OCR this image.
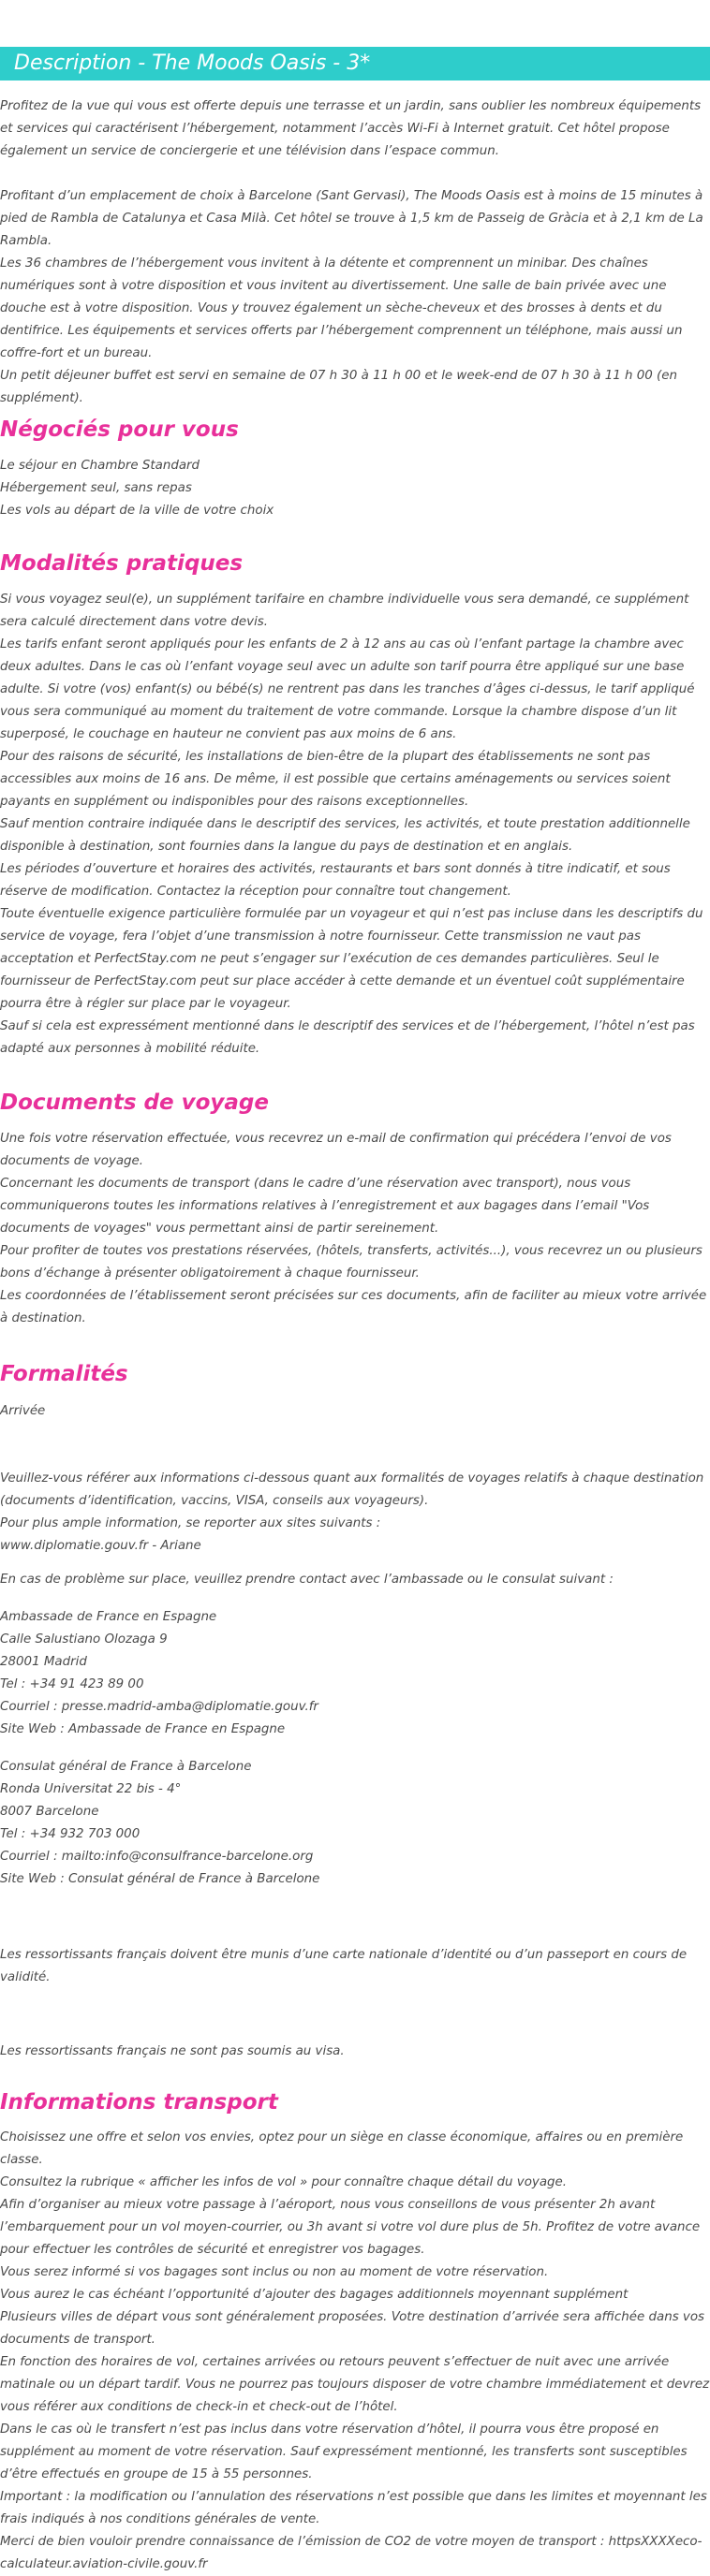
Description - The Moods Oasis - 3*

Profitez de la vue qui vous est offerte depuis une terrasse et un jardin, sans oublier les nombreux équipements et services qui caractérisent l’hébergement, notamment l’accès Wi-Fi à Internet gratuit. Cet hôtel propose également un service de conciergerie et une télévision dans l’espace commun.

Profitant d’un emplacement de choix à Barcelone (Sant Gervasi), The Moods Oasis est à moins de 15 minutes à pied de Rambla de Catalunya et Casa Milà. Cet hôtel se trouve à 1,5 km de Passeig de Gràcia et à 2,1 km de La Rambla.

Les 36 chambres de l’hébergement vous invitent à la détente et comprennent un minibar. Des chaînes numériques sont à votre disposition et vous invitent au divertissement. Une salle de bain privée avec une douche est à votre disposition. Vous y trouvez également un sèche-cheveux et des brosses à dents et du dentifrice. Les équipements et services offerts par l’hébergement comprennent un téléphone, mais aussi un coffre-fort et un bureau.

Un petit déjeuner buffet est servi en semaine de 07 h 30 à 11 h 00 et le week-end de 07 h 30 à 11 h 00 (en supplément).

Négociés pour vous
Le séjour en Chambre Standard
Hébergement seul, sans repas
Les vols au départ de la ville de votre choix
Modalités pratiques
Si vous voyagez seul(e), un supplément tarifaire en chambre individuelle vous sera demandé, ce supplément sera calculé directement dans votre devis.
Les tarifs enfant seront appliqués pour les enfants de 2 à 12 ans au cas où l’enfant partage la chambre avec deux adultes. Dans le cas où l’enfant voyage seul avec un adulte son tarif pourra être appliqué sur une base adulte. Si votre (vos) enfant(s) ou bébé(s) ne rentrent pas dans les tranches d’âges ci-dessus, le tarif appliqué vous sera communiqué au moment du traitement de votre commande. Lorsque la chambre dispose d’un lit superposé, le couchage en hauteur ne convient pas aux moins de 6 ans.
Pour des raisons de sécurité, les installations de bien-être de la plupart des établissements ne sont pas accessibles aux moins de 16 ans. De même, il est possible que certains aménagements ou services soient payants en supplément ou indisponibles pour des raisons exceptionnelles.
Sauf mention contraire indiquée dans le descriptif des services, les activités, et toute prestation additionnelle disponible à destination, sont fournies dans la langue du pays de destination et en anglais.
Les périodes d’ouverture et horaires des activités, restaurants et bars sont donnés à titre indicatif, et sous réserve de modification. Contactez la réception pour connaître tout changement.
Toute éventuelle exigence particulière formulée par un voyageur et qui n’est pas incluse dans les descriptifs du service de voyage, fera l’objet d’une transmission à notre fournisseur. Cette transmission ne vaut pas acceptation et PerfectStay.com ne peut s’engager sur l’exécution de ces demandes particulières. Seul le fournisseur de PerfectStay.com peut sur place accéder à cette demande et un éventuel coût supplémentaire pourra être à régler sur place par le voyageur.
Sauf si cela est expressément mentionné dans le descriptif des services et de l’hébergement, l’hôtel n’est pas adapté aux personnes à mobilité réduite.
Documents de voyage
Une fois votre réservation effectuée, vous recevrez un e-mail de confirmation qui précédera l’envoi de vos documents de voyage.
Concernant les documents de transport (dans le cadre d’une réservation avec transport), nous vous communiquerons toutes les informations relatives à l’enregistrement et aux bagages dans l’email "Vos documents de voyages" vous permettant ainsi de partir sereinement.
Pour profiter de toutes vos prestations réservées, (hôtels, transferts, activités...), vous recevrez un ou plusieurs bons d’échange à présenter obligatoirement à chaque fournisseur.
Les coordonnées de l’établissement seront précisées sur ces documents, afin de faciliter au mieux votre arrivée à destination.
Formalités
Arrivée
Veuillez-vous référer aux informations ci-dessous quant aux formalités de voyages relatifs à chaque destination (documents d’identification, vaccins, VISA, conseils aux voyageurs).
Pour plus ample information, se reporter aux sites suivants :
www.diplomatie.gouv.fr - Ariane
En cas de problème sur place, veuillez prendre contact avec l’ambassade ou le consulat suivant :
Ambassade de France en Espagne
Calle Salustiano Olozaga 9
28001 Madrid
Tel : +34 91 423 89 00
Courriel : presse.madrid-amba@diplomatie.gouv.fr
Site Web : Ambassade de France en Espagne
Consulat général de France à Barcelone
Ronda Universitat 22 bis - 4°
8007 Barcelone
Tel : +34 932 703 000
Courriel : mailto:info@consulfrance-barcelone.org
Site Web : Consulat général de France à Barcelone
Les ressortissants français doivent être munis d’une carte nationale d’identité ou d’un passeport en cours de validité.
Les ressortissants français ne sont pas soumis au visa.
Informations transport
Choisissez une offre et selon vos envies, optez pour un siège en classe économique, affaires ou en première classe.
Consultez la rubrique « afficher les infos de vol » pour connaître chaque détail du voyage.
Afin d’organiser au mieux votre passage à l’aéroport, nous vous conseillons de vous présenter 2h avant l’embarquement pour un vol moyen-courrier, ou 3h avant si votre vol dure plus de 5h. Profitez de votre avance pour effectuer les contrôles de sécurité et enregistrer vos bagages.
Vous serez informé si vos bagages sont inclus ou non au moment de votre réservation.
Vous aurez le cas échéant l’opportunité d’ajouter des bagages additionnels moyennant supplément
Plusieurs villes de départ vous sont généralement proposées. Votre destination d’arrivée sera affichée dans vos documents de transport.
En fonction des horaires de vol, certaines arrivées ou retours peuvent s’effectuer de nuit avec une arrivée matinale ou un départ tardif. Vous ne pourrez pas toujours disposer de votre chambre immédiatement et devrez vous référer aux conditions de check-in et check-out de l’hôtel.
Dans le cas où le transfert n’est pas inclus dans votre réservation d’hôtel, il pourra vous être proposé en supplément au moment de votre réservation. Sauf expressément mentionné, les transferts sont susceptibles d’être effectués en groupe de 15 à 55 personnes.
Important : la modification ou l’annulation des réservations n’est possible que dans les limites et moyennant les frais indiqués à nos conditions générales de vente.
Merci de bien vouloir prendre connaissance de l’émission de CO2 de votre moyen de transport : httpsXXXXeco-calculateur.aviation-civile.gouv.fr
